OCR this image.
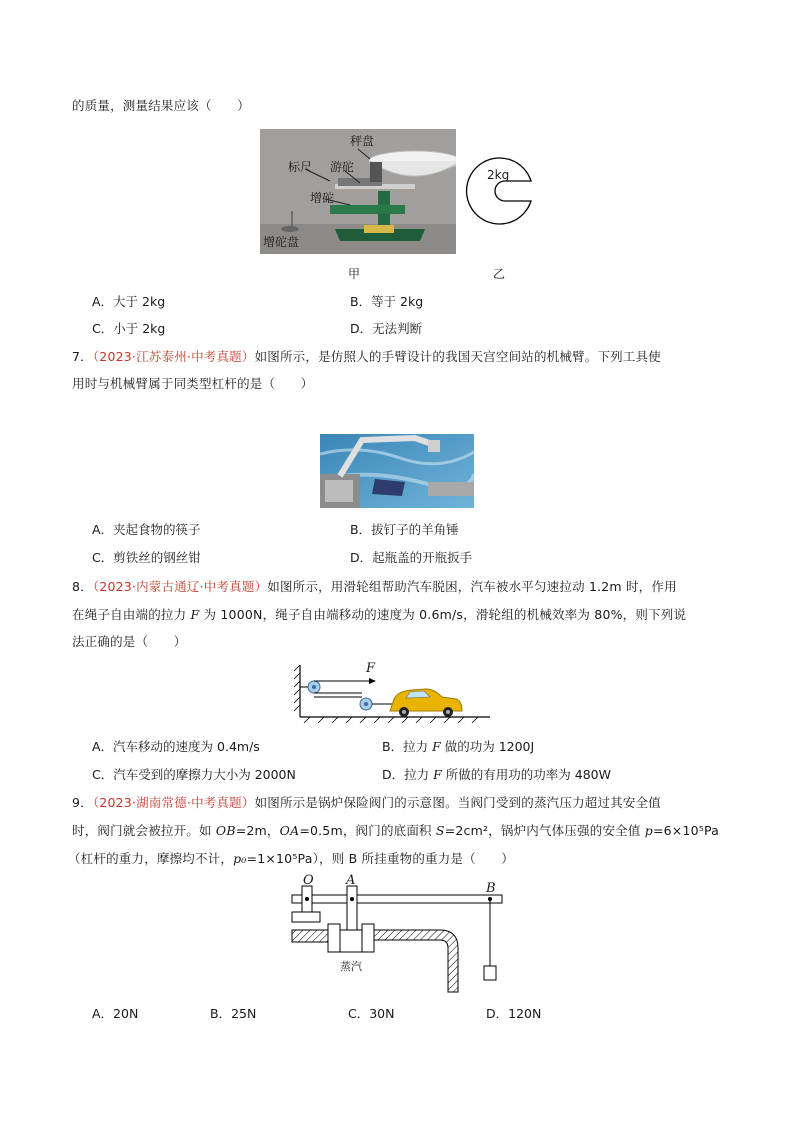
的质量，测量结果应该（　　）
秤盘
标尺 游砣
增砣
增砣盘
2kg
甲	乙
A．大于 2kg	B．等于 2kg
C．小于 2kg	D．无法判断
7．（2023·江苏泰州·中考真题）如图所示，是仿照人的手臂设计的我国天宫空间站的机械臂。下列工具使
用时与机械臂属于同类型杠杆的是（　　）
A．夹起食物的筷子	B．拔钉子的羊角锤
C．剪铁丝的钢丝钳	D．起瓶盖的开瓶扳手
8．（2023·内蒙古通辽·中考真题）如图所示，用滑轮组帮助汽车脱困，汽车被水平匀速拉动 1.2m 时，作用
在绳子自由端的拉力 F 为 1000N，绳子自由端移动的速度为 0.6m/s，滑轮组的机械效率为 80%，则下列说
法正确的是（　　）
F
A．汽车移动的速度为 0.4m/s	B．拉力 F 做的功为 1200J
C．汽车受到的摩擦力大小为 2000N	D．拉力 F 所做的有用功的功率为 480W
9．（2023·湖南常德·中考真题）如图所示是锅炉保险阀门的示意图。当阀门受到的蒸汽压力超过其安全值
时，阀门就会被拉开。如 OB=2m，OA=0.5m，阀门的底面积 S=2cm²，锅炉内气体压强的安全值 p=6×10⁵Pa
（杠杆的重力，摩擦均不计，p₀=1×10⁵Pa），则 B 所挂重物的重力是（　　）
O A
B
蒸汽
A．20N	B．25N	C．30N	D．120N
